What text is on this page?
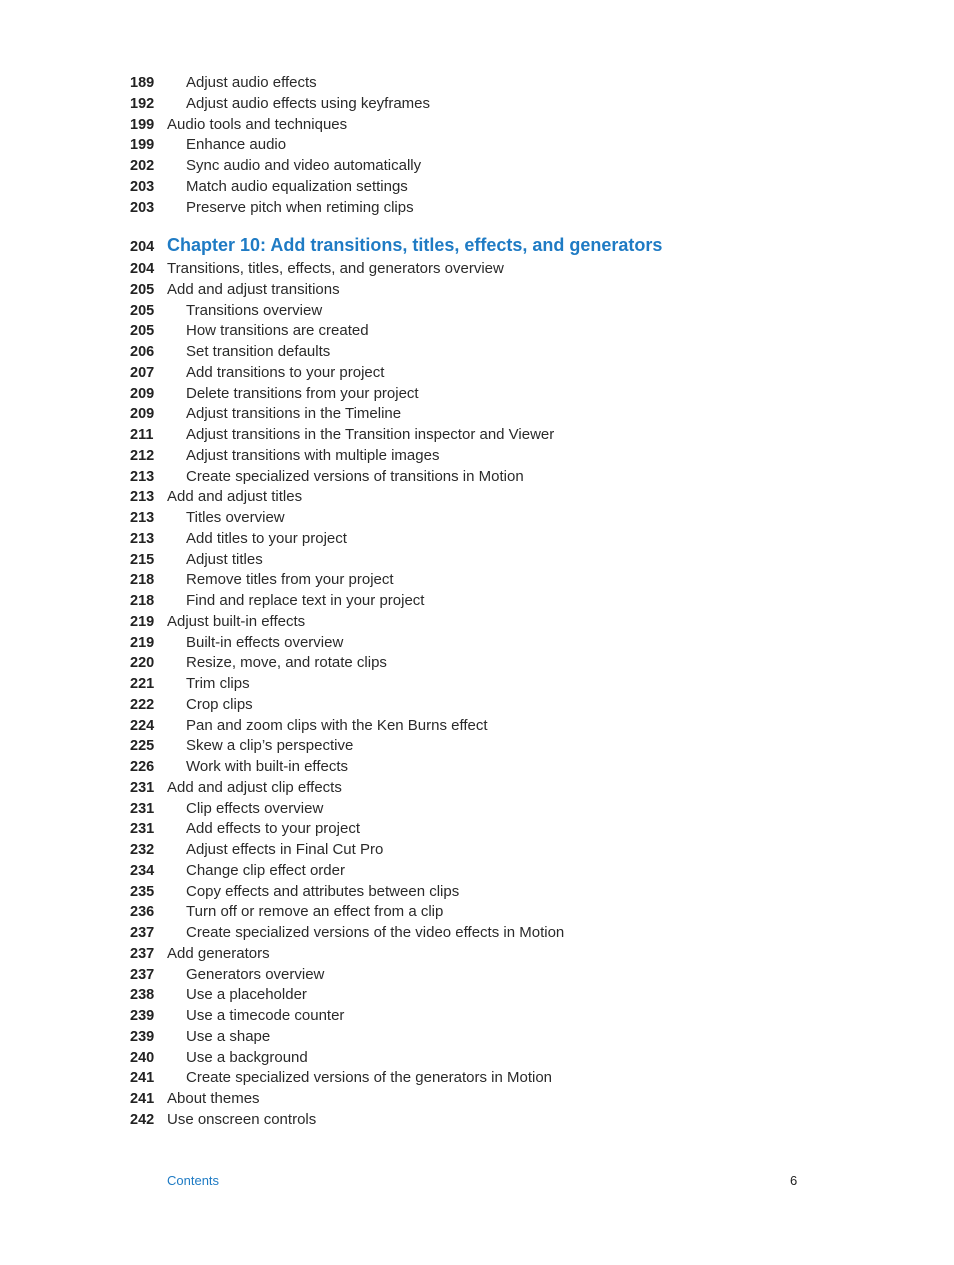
189	Adjust audio effects
192	Adjust audio effects using keyframes
199 Audio tools and techniques
199	Enhance audio
202	Sync audio and video automatically
203	Match audio equalization settings
203	Preserve pitch when retiming clips
204 Chapter 10: Add transitions, titles, effects, and generators
204 Transitions, titles, effects, and generators overview
205 Add and adjust transitions
205	Transitions overview
205	How transitions are created
206	Set transition defaults
207	Add transitions to your project
209	Delete transitions from your project
209	Adjust transitions in the Timeline
211	Adjust transitions in the Transition inspector and Viewer
212	Adjust transitions with multiple images
213	Create specialized versions of transitions in Motion
213 Add and adjust titles
213	Titles overview
213	Add titles to your project
215	Adjust titles
218	Remove titles from your project
218	Find and replace text in your project
219 Adjust built-in effects
219	Built-in effects overview
220	Resize, move, and rotate clips
221	Trim clips
222	Crop clips
224	Pan and zoom clips with the Ken Burns effect
225	Skew a clip’s perspective
226	Work with built-in effects
231 Add and adjust clip effects
231	Clip effects overview
231	Add effects to your project
232	Adjust effects in Final Cut Pro
234	Change clip effect order
235	Copy effects and attributes between clips
236	Turn off or remove an effect from a clip
237	Create specialized versions of the video effects in Motion
237 Add generators
237	Generators overview
238	Use a placeholder
239	Use a timecode counter
239	Use a shape
240	Use a background
241	Create specialized versions of the generators in Motion
241 About themes
242 Use onscreen controls
Contents	6
